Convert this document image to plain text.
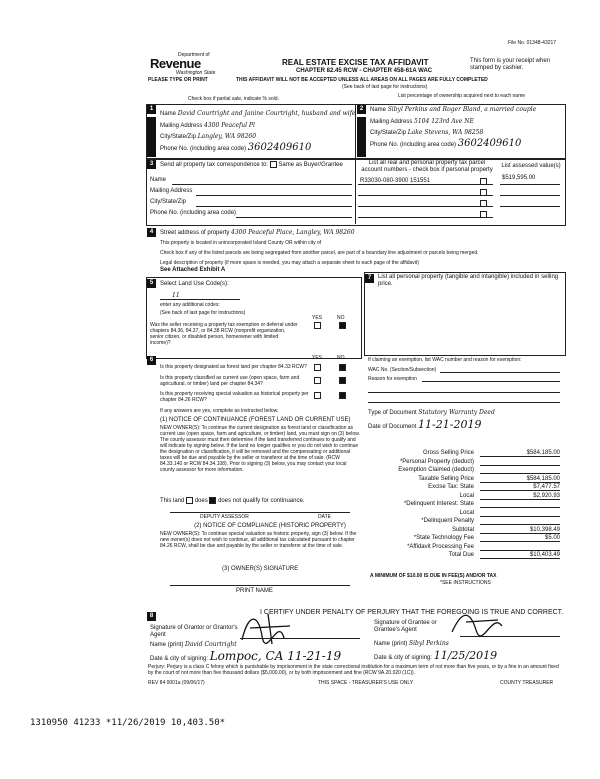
File No. 01348-43217
Department of
Revenue
Washington State
PLEASE TYPE OR PRINT
REAL ESTATE EXCISE TAX AFFIDAVIT
CHAPTER 82.45 RCW - CHAPTER 458-61A WAC
THIS AFFIDAVIT WILL NOT BE ACCEPTED UNLESS ALL AREAS ON ALL PAGES ARE FULLY COMPLETED
(See back of last page for instructions)
This form is your receipt when stamped by cashier.
Check box if partial sale, indicate % sold.	List percentage of ownership acquired next to each name
1	2
Name David Courtright and Janine Courtright, husband and wife
Mailing Address 4300 Peaceful Pl
City/State/Zip Langley, WA 98260
Phone No. (including area code) 3602409610
Name Sibyl Perkins and Roger Bland, a married couple
Mailing Address 5104 123rd Ave NE
City/State/Zip Lake Stevens, WA 98258
Phone No. (including area code) 3602409610
3	Send all property tax correspondence to: Same as Buyer/Grantee
Name
Mailing Address
City/State/Zip
Phone No. (including area code)
List all real and personal property tax parcel account numbers - check box if personal property
List assessed value(s)
R33030-080-3900 151551	$519,595.00
4	Street address of property 4300 Peaceful Place, Langley, WA 98260
This property is located in unincorporated Island County OR within city of
Check box if any of the listed parcels are being segregated from another parcel, are part of a boundary line adjustment or parcels being merged.
Legal description of property (if more space is needed, you may attach a separate sheet to each page of the affidavit)
See Attached Exhibit A
5	Select Land Use Code(s):
11
enter any additional codes:
(See back of last page for instructions)
YES	NO
Was the seller receiving a property tax exemption or deferral under chapters 84.36, 84.37, or 84.38 RCW (nonprofit organization, senior citizen, or disabled person, homeowner with limited income)?
7	List all personal property (tangible and intangible) included in selling price.
6	YES	NO
Is this property designated as forest land per chapter 84.33 RCW?
Is this property classified as current use (open space, farm and agricultural, or timber) land per chapter 84.34?
Is this property receiving special valuation as historical property per chapter 84.26 RCW?
If any answers are yes, complete as instructed below.
(1) NOTICE OF CONTINUANCE (FOREST LAND OR CURRENT USE)
NEW OWNER(S): To continue the current designation as forest land or classification as current use (open space, farm and agriculture, or timber) land, you must sign on (3) below. The county assessor must then determine if the land transferred continues to qualify and will indicate by signing below. If the land no longer qualifies or you do not wish to continue the designation or classification, it will be removed and the compensating or additional taxes will be due and payable by the seller or transferor at the time of sale. (RCW 84.33.140 or RCW 84.34.108). Prior to signing (3) below, you may contact your local county assessor for more information.
This land does does not qualify for continuance.
DEPUTY ASSESSOR	DATE
(2) NOTICE OF COMPLIANCE (HISTORIC PROPERTY)
NEW OWNER(S): To continue special valuation as historic property, sign (3) below. If the new owner(s) does not wish to continue, all additional tax calculated pursuant to chapter 84.26 RCW, shall be due and payable by the seller or transferor at the time of sale.
(3) OWNER(S) SIGNATURE
PRINT NAME
If claiming an exemption, list WAC number and reason for exemption:
WAC No. (Section/Subsection)
Reason for exemption
Type of Document Statutory Warranty Deed
Date of Document 11-21-2019
Gross Selling Price	$584,185.00
*Personal Property (deduct)
Exemption Claimed (deduct)
Taxable Selling Price	$584,185.00
Excise Tax: State	$7,477.57
Local	$2,920.93
*Delinquent Interest: State
Local
*Delinquent Penalty
Subtotal	$10,398.49
*State Technology Fee	$5.00
*Affidavit Processing Fee
Total Due	$10,403.49
A MINIMUM OF $10.00 IS DUE IN FEE(S) AND/OR TAX
*SEE INSTRUCTIONS
8	I CERTIFY UNDER PENALTY OF PERJURY THAT THE FOREGOING IS TRUE AND CORRECT.
Signature of Grantor or Grantor's Agent
Name (print) David Courtright
Date & city of signing: Lompoc, CA 11-21-19
Signature of Grantee or Grantee's Agent
Name (print) Sibyl Perkins
Date & city of signing: 11/25/2019
Perjury: Perjury is a class C felony which is punishable by imprisonment in the state correctional institution for a maximum term of not more than five years, or by a fine in an amount fixed by the court of not more than five thousand dollars ($5,000.00), or by both imprisonment and fine (RCW 9A.20.020 (1C)).
REV 84 0001a (09/06/17)	THIS SPACE - TREASURER'S USE ONLY	COUNTY TREASURER
1310950 41233 *11/26/2019 10,403.50*
